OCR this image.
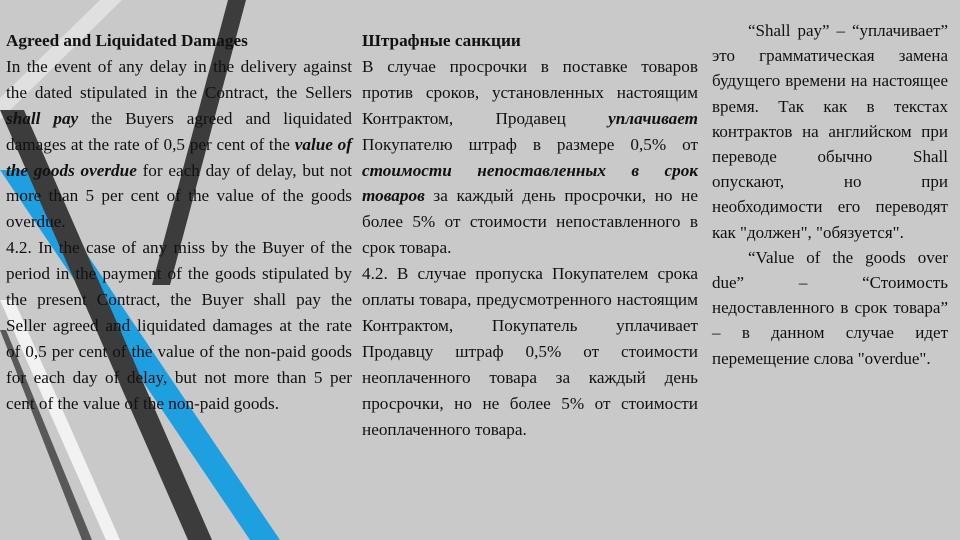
Agreed and Liquidated Damages
In the event of any delay in the delivery against the dated stipulated in the Contract, the Sellers shall pay the Buyers agreed and liquidated damages at the rate of 0,5 per cent of the value of the goods overdue for each day of delay, but not more than 5 per cent of the value of the goods overdue.
4.2. In the case of any miss by the Buyer of the period in the payment of the goods stipulated by the present Contract, the Buyer shall pay the Seller agreed and liquidated damages at the rate of 0,5 per cent of the value of the non-paid goods for each day of delay, but not more than 5 per cent of the value of the non-paid goods.
Штрафные санкции
В случае просрочки в поставке товаров против сроков, установленных настоящим Контрактом, Продавец уплачивает Покупателю штраф в размере 0,5% от стоимости непоставленных в срок товаров за каждый день просрочки, но не более 5% от стоимости непоставленного в срок товара.
4.2. В случае пропуска Покупателем срока оплаты товара, предусмотренного настоящим Контрактом, Покупатель уплачивает Продавцу штраф 0,5% от стоимости неоплаченного товара за каждый день просрочки, но не более 5% от стоимости неоплаченного товара.
“Shall pay” – “уплачивает” это грамматическая замена будущего времени на настоящее время. Так как в текстах контрактов на английском при переводе обычно Shall опускают, но при необходимости его переводят как "должен", "обязуется".
“Value of the goods over due” – “Стоимость недоставленного в срок товара” – в данном случае идет перемещение слова "overdue".
